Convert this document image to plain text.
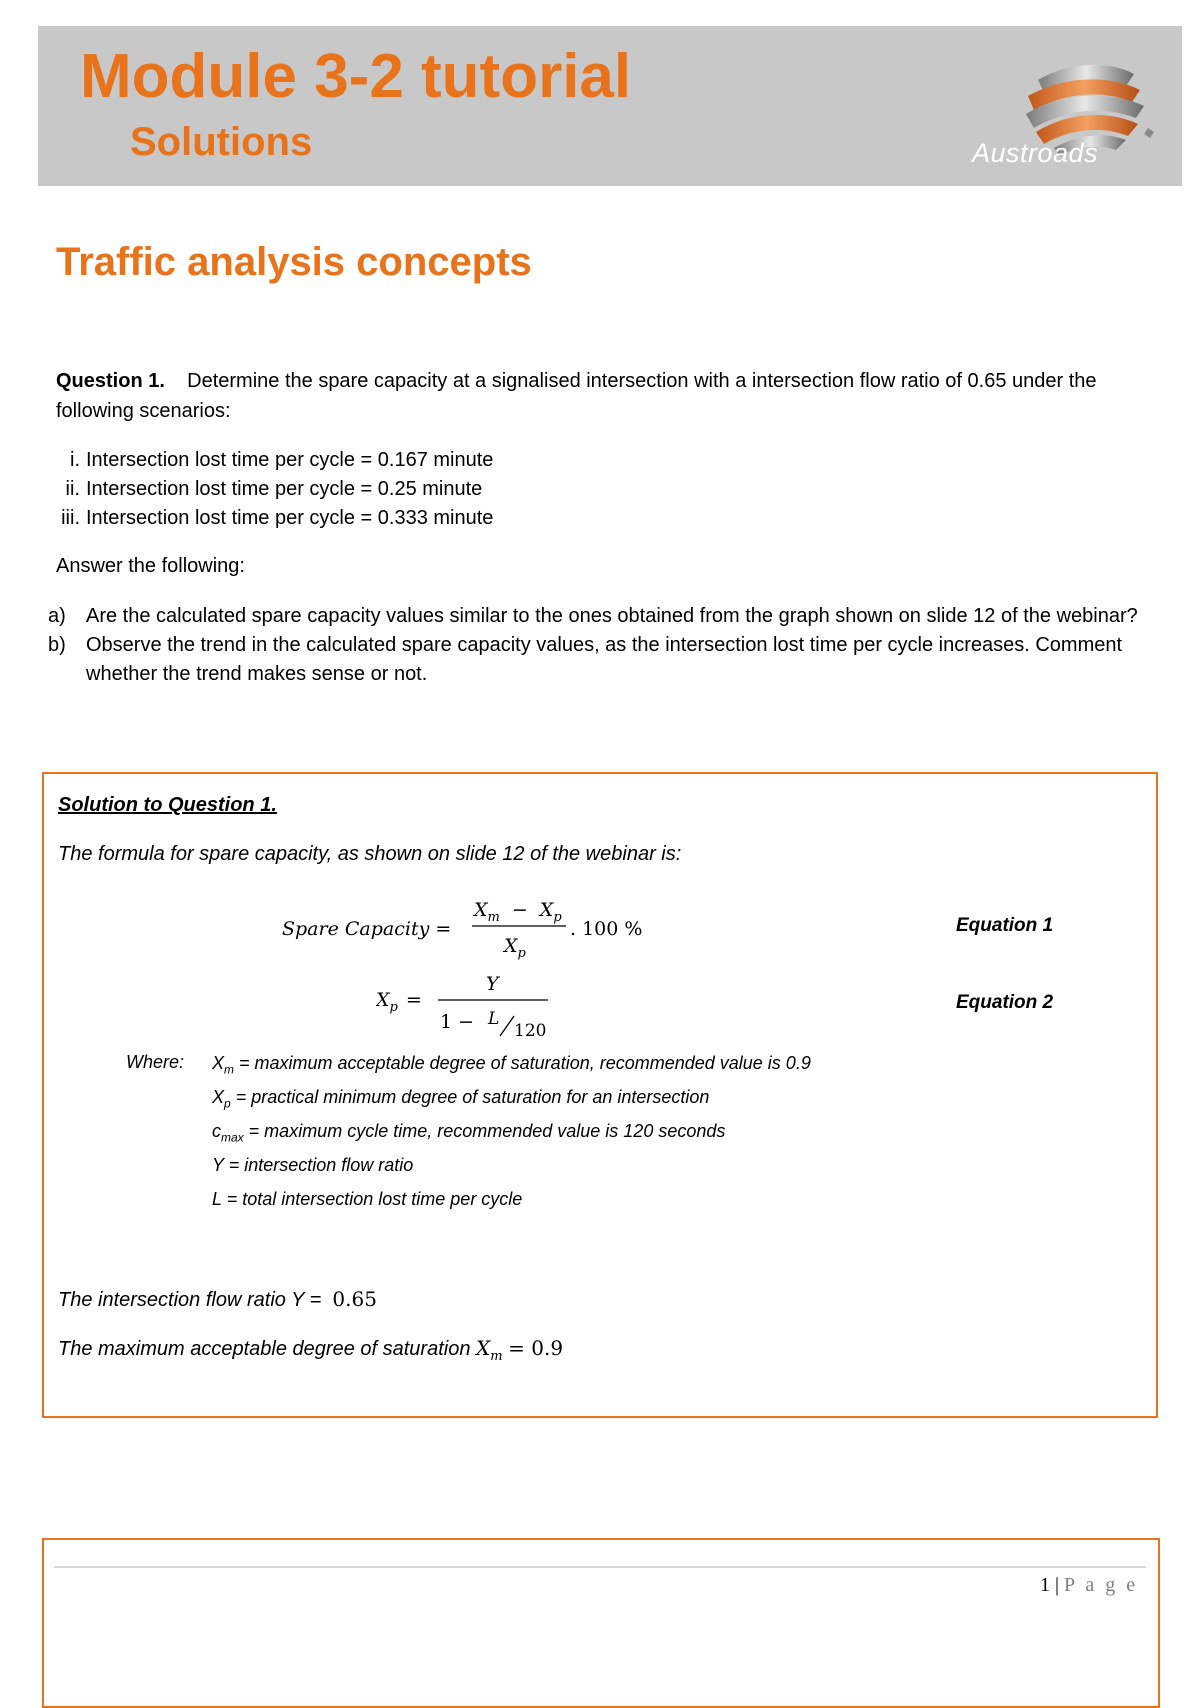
Module 3-2 tutorial
Solutions	Austroads
Traffic analysis concepts
Question 1. Determine the spare capacity at a signalised intersection with a intersection flow ratio of 0.65 under the following scenarios:
i. Intersection lost time per cycle = 0.167 minute
ii. Intersection lost time per cycle = 0.25 minute
iii. Intersection lost time per cycle = 0.333 minute
Answer the following:
a) Are the calculated spare capacity values similar to the ones obtained from the graph shown on slide 12 of the webinar?
b) Observe the trend in the calculated spare capacity values, as the intersection lost time per cycle increases. Comment whether the trend makes sense or not.
Solution to Question 1.
The formula for spare capacity, as shown on slide 12 of the webinar is:
Spare Capacity =
$X_m - X_p$
$X_p$
. 100 %	Equation 1
$X_p$ =
Y
1 − L
120
Equation 2
Where: $X_m$ = maximum acceptable degree of saturation, recommended value is 0.9
$X_p$ = practical minimum degree of saturation for an intersection
$c_{max}$ = maximum cycle time, recommended value is 120 seconds
Y = intersection flow ratio
L = total intersection lost time per cycle
The intersection flow ratio Y = 0.65
The maximum acceptable degree of saturation $X_m = 0.9$
1 | P a g e
